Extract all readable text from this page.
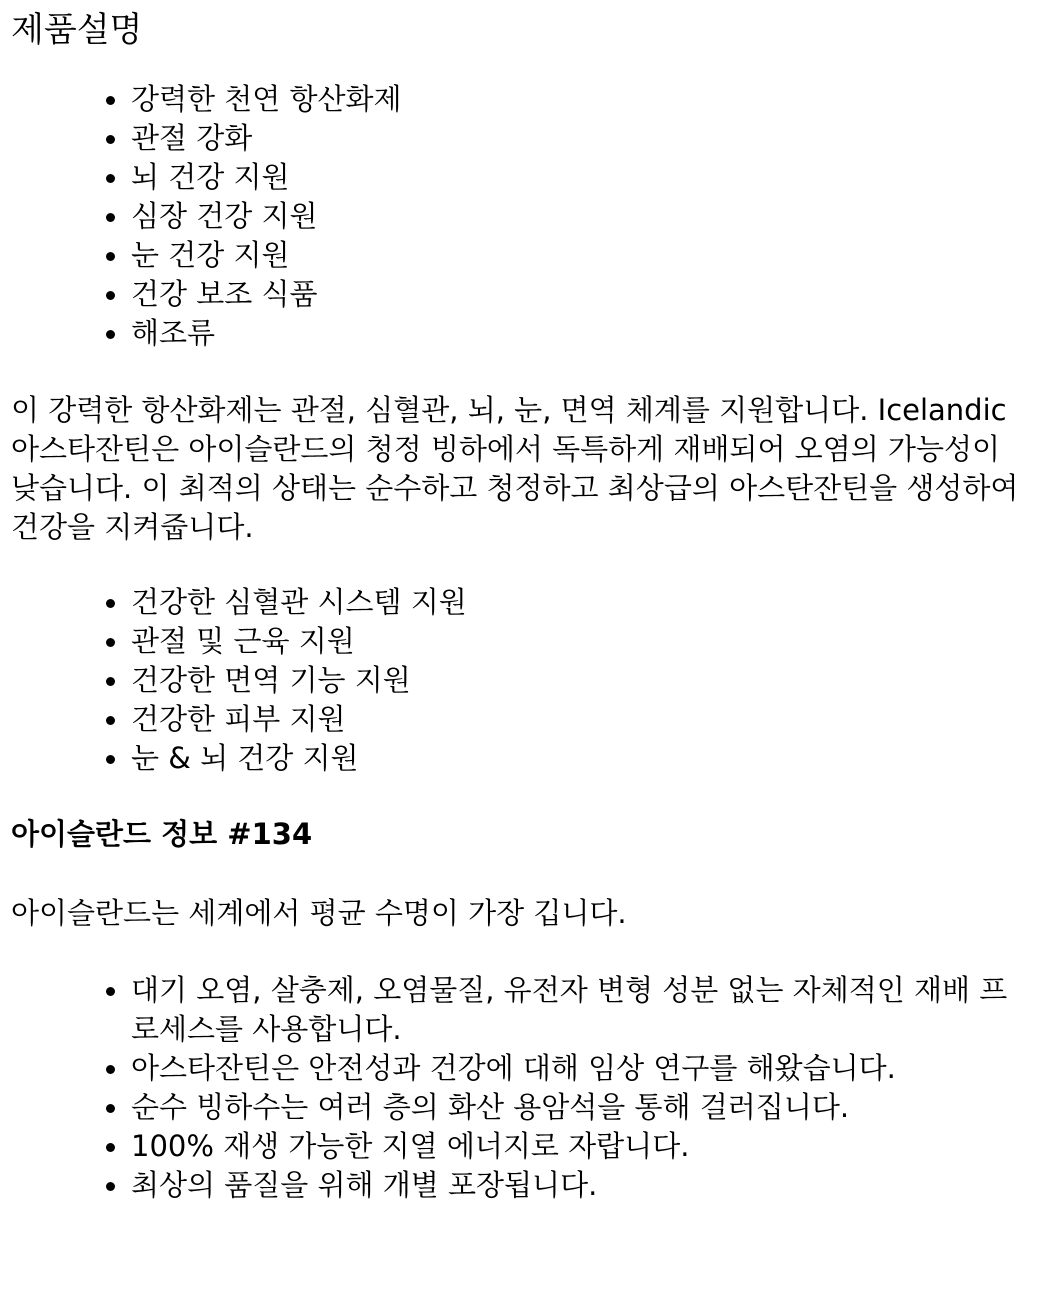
제품설명
강력한 천연 항산화제
관절 강화
뇌 건강 지원
심장 건강 지원
눈 건강 지원
건강 보조 식품
해조류

이 강력한 항산화제는 관절, 심혈관, 뇌, 눈, 면역 체계를 지원합니다. Icelandic 아스타잔틴은 아이슬란드의 청정 빙하에서 독특하게 재배되어 오염의 가능성이 낮습니다. 이 최적의 상태는 순수하고 청정하고 최상급의 아스탄잔틴을 생성하여 건강을 지켜줍니다.

건강한 심혈관 시스템 지원
관절 및 근육 지원
건강한 면역 기능 지원
건강한 피부 지원
눈 & 뇌 건강 지원

아이슬란드 정보 #134

아이슬란드는 세계에서 평균 수명이 가장 깁니다.

대기 오염, 살충제, 오염물질, 유전자 변형 성분 없는 자체적인 재배 프로세스를 사용합니다.
아스타잔틴은 안전성과 건강에 대해 임상 연구를 해왔습니다.
순수 빙하수는 여러 층의 화산 용암석을 통해 걸러집니다.
100% 재생 가능한 지열 에너지로 자랍니다.
최상의 품질을 위해 개별 포장됩니다.
